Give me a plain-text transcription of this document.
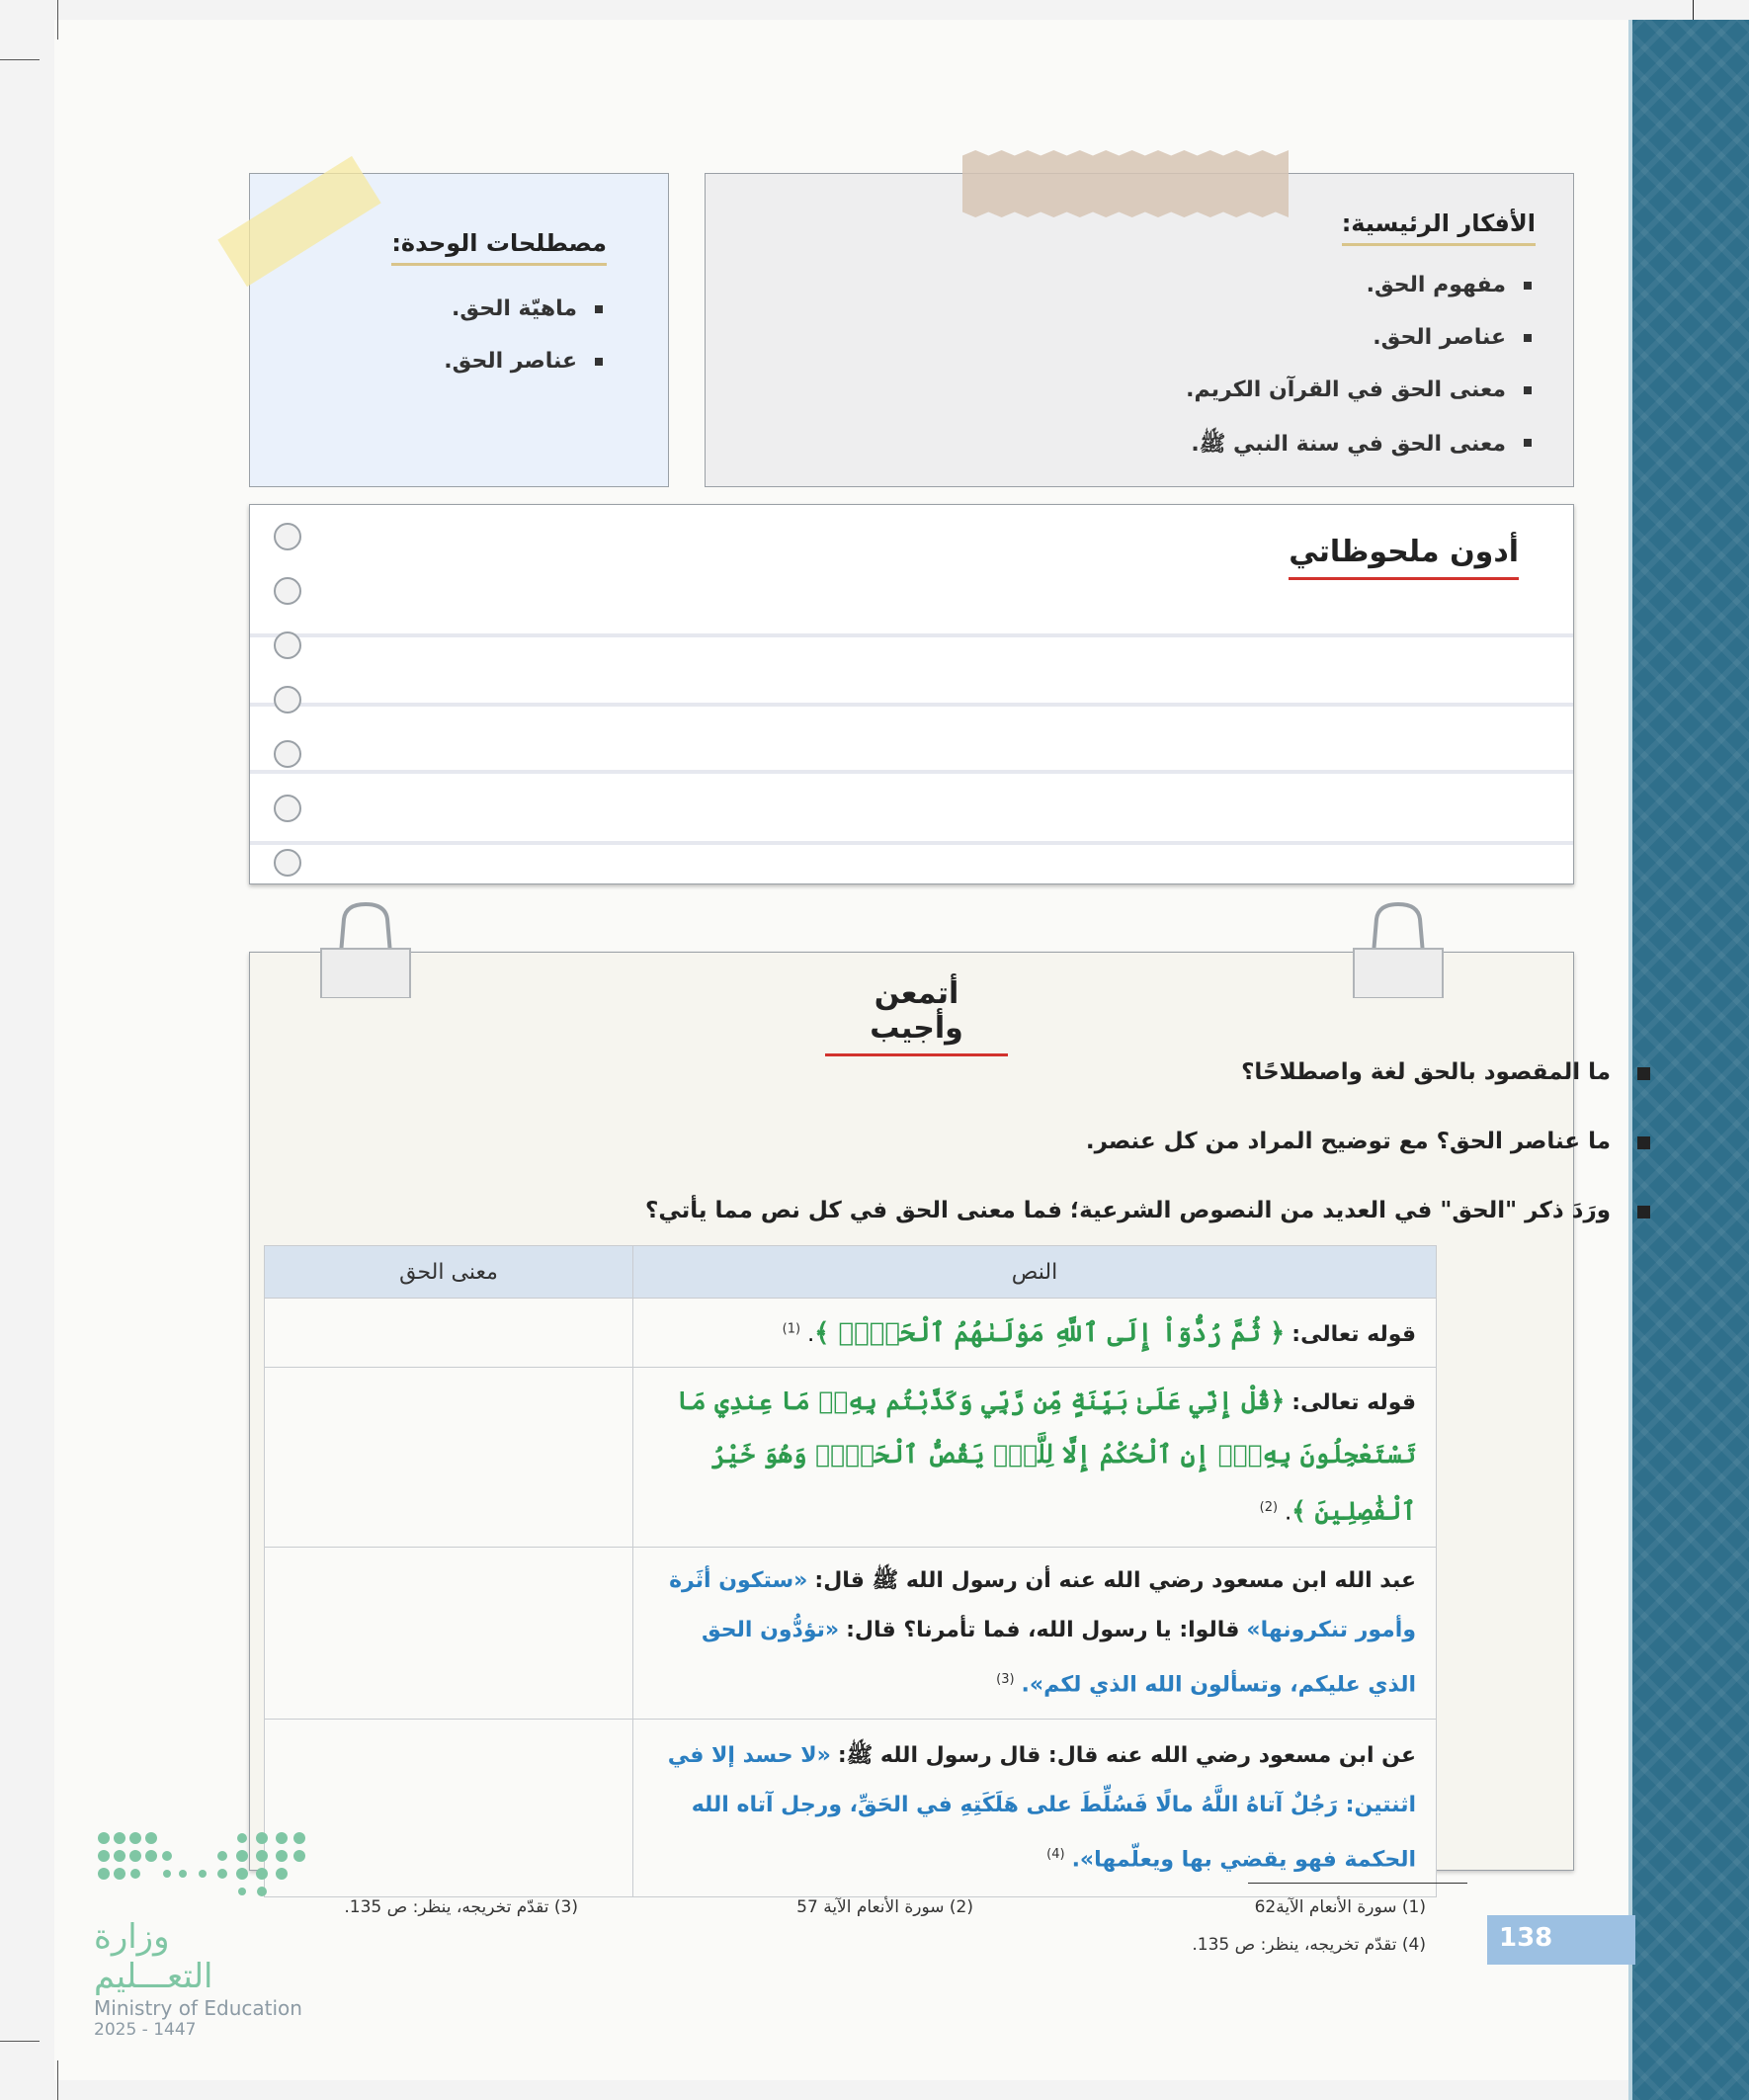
الأفكار الرئيسية:
مفهوم الحق.
عناصر الحق.
معنى الحق في القرآن الكريم.
معنى الحق في سنة النبي ﷺ.
مصطلحات الوحدة:
ماهيّة الحق.
عناصر الحق.
أدون ملحوظاتي
أتمعن وأجيب
ما المقصود بالحق لغة واصطلاحًا؟
ما عناصر الحق؟ مع توضيح المراد من كل عنصر.
ورَدَ ذكر "الحق" في العديد من النصوص الشرعية؛ فما معنى الحق في كل نص مما يأتي؟
النص	معنى الحق
قوله تعالى: ﴿ ثُمَّ رُدُّوٓاْ إِلَى ٱللَّهِ مَوْلَىٰهُمُ ٱلْحَقِّۚ ﴾. $^{(1)}$	
قوله تعالى: ﴿قُلْ إِنِّي عَلَىٰ بَيِّنَةٍ مِّن رَّبِّي وَكَذَّبْتُم بِهِۦۚ مَا عِندِي مَا تَسْتَعْجِلُونَ بِهِۦٓۚ إِنِ ٱلْحُكْمُ إِلَّا لِلَّهِۖ يَقُصُّ ٱلْحَقَّۖ وَهُوَ خَيْرُ ٱلْفَٰصِلِينَ ﴾. $^{(2)}$	
عبد الله ابن مسعود رضي الله عنه أن رسول الله ﷺ قال: «ستكون أثَرة وأمور تنكرونها» قالوا: يا رسول الله، فما تأمرنا؟ قال: «تؤدُّون الحق الذي عليكم، وتسألون الله الذي لكم». $^{(3)}$	
عن ابن مسعود رضي الله عنه قال: قال رسول الله ﷺ: «لا حسد إلا في اثنتين: رَجُلٌ آتاهُ اللَّهُ مالًا فَسُلِّطَ على هَلَكَتِهِ في الحَقِّ، ورجل آتاه الله الحكمة فهو يقضي بها ويعلّمها». $^{(4)}$	
(1) سورة الأنعام الآية62
(2) سورة الأنعام الآية 57
(3) تقدّم تخريجه، ينظر: ص 135.
(4) تقدّم تخريجه، ينظر: ص 135.	138
وزارة التعـــليم
Ministry of Education
2025 - 1447
